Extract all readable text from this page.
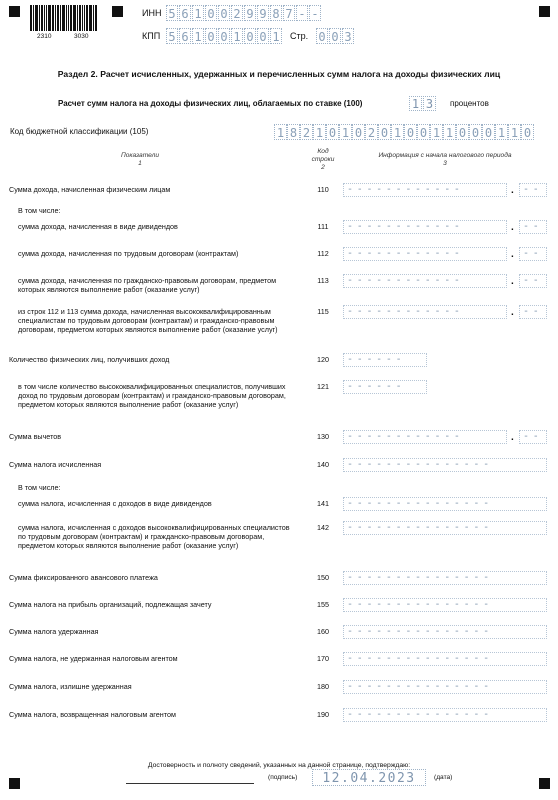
2310	3030
ИНН 5 6 1 0 0 2 9 9 8 7 - -
КПП 5 6 1 0 0 1 0 0 1 Стр. 0 0 3
Раздел 2. Расчет исчисленных, удержанных и перечисленных сумм налога на доходы физических лиц
Расчет сумм налога на доходы физических лиц, облагаемых по ставке (100)	1 3	процентов
Код бюджетной классификации (105)	1 8 2 1 0 1 0 2 0 1 0 0 1 1 0 0 0 1 1 0
Показатели
1
Код строки
2
Информация с начала налогового периода
3
Сумма дохода, начисленная физическим лицам	110	------------	. --
В том числе:
сумма дохода, начисленная в виде дивидендов	111	------------	. --
сумма дохода, начисленная по трудовым договорам (контрактам)	112	------------	. --
сумма дохода, начисленная по гражданско-правовым договорам, предметом которых являются выполнение работ (оказание услуг)
113	------------	. --
из строк 112 и 113 сумма дохода, начисленная высококвалифицированным специалистам по трудовым договорам (контрактам) и гражданско-правовым договорам, предметом которых являются выполнение работ (оказание услуг)
115	------------	. --
Количество физических лиц, получивших доход	120	------
в том числе количество высококвалифицированных специалистов, получивших доход по трудовым договорам (контрактам) и гражданско-правовым договорам, предметом которых являются выполнение работ (оказание услуг)
121	------
Сумма вычетов	130	------------	. --
Сумма налога исчисленная	140	---------------
В том числе:
сумма налога, исчисленная с доходов в виде дивидендов	141	---------------
сумма налога, исчисленная с доходов высококвалифицированных специалистов по трудовым договорам (контрактам) и гражданско-правовым договорам, предметом которых являются выполнение работ (оказание услуг)
142	---------------
Сумма фиксированного авансового платежа	150	---------------
Сумма налога на прибыль организаций, подлежащая зачету	155	---------------
Сумма налога удержанная	160	---------------
Сумма налога, не удержанная налоговым агентом	170	---------------
Сумма налога, излишне удержанная	180	---------------
Сумма налога, возвращенная налоговым агентом	190	---------------
Достоверность и полноту сведений, указанных на данной странице, подтверждаю:
(подпись)	12.04.2023	(дата)
